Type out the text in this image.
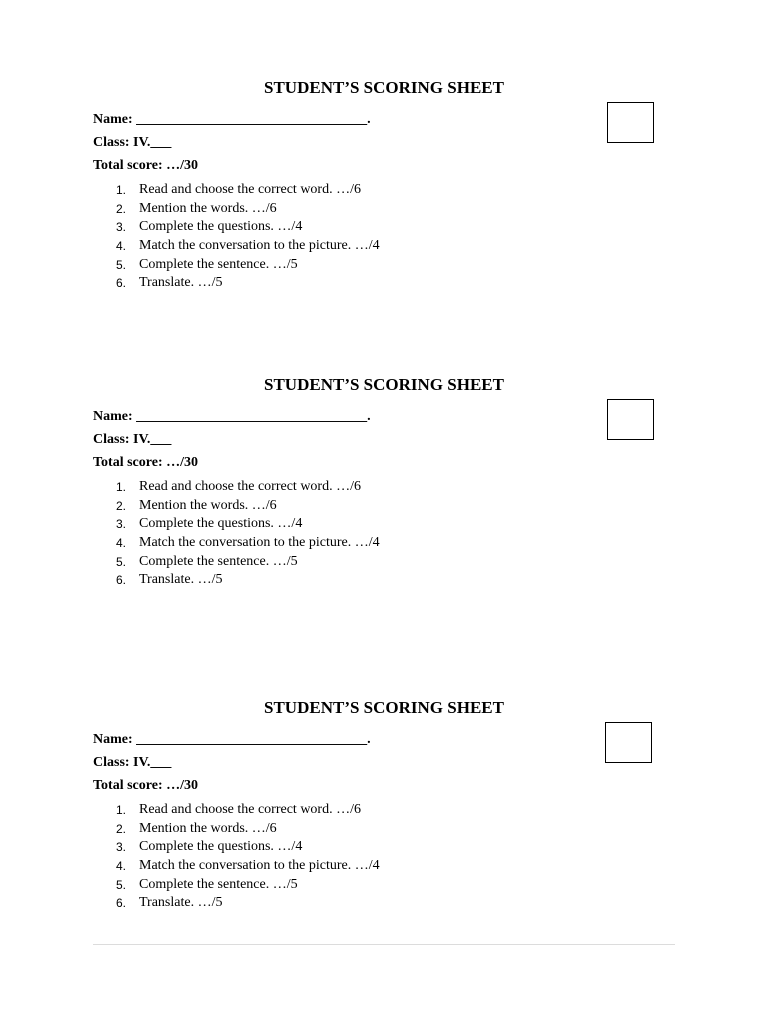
STUDENT’S SCORING SHEET
Name: _________________________________.
Class: IV.___
Total score: …/30
1. Read and choose the correct word. …/6
2. Mention the words. …/6
3. Complete the questions. …/4
4. Match the conversation to the picture. …/4
5. Complete the sentence. …/5
6. Translate. …/5
STUDENT’S SCORING SHEET
Name: _________________________________.
Class: IV.___
Total score: …/30
1. Read and choose the correct word. …/6
2. Mention the words. …/6
3. Complete the questions. …/4
4. Match the conversation to the picture. …/4
5. Complete the sentence. …/5
6. Translate. …/5
STUDENT’S SCORING SHEET
Name: _________________________________.
Class: IV.___
Total score: …/30
1. Read and choose the correct word. …/6
2. Mention the words. …/6
3. Complete the questions. …/4
4. Match the conversation to the picture. …/4
5. Complete the sentence. …/5
6. Translate. …/5
